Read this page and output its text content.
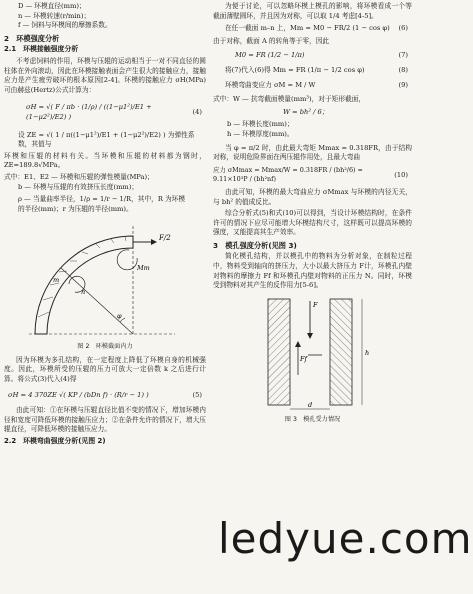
D — 环模直径(mm)；
n — 环模转速(r/min)；
f — 饲料与环模间的摩擦系数。
2　环模强度分析
2.1　环模接触强度分析

不考虑饲料的作用，环模与压辊的运动相当于一对不同直径的圆柱体在外向滚动，因此在环模接触表面会产生很大的接触应力，接触应力是产生疲劳破坏的根本原因[2-4]。环模的接触应力 σH(MPa)可由赫兹(Hertz)公式计算为：

σH = √( F / πb · (1/ρ) / ((1−μ1²)/E1 + (1−μ2²)/E2) )
(4)
设 ZE = √( 1 / π((1−μ1²)/E1 + (1−μ2²)/E2) ) 为弹性系数，其值与

环模和压辊的材料有关。当环模和压辊的材料都为钢时，ZE=189.8√MPa。

式中：E1、E2 — 环模和压辊的弹性模量(MPa)；
b — 环模与压辊的有效挤压长度(mm)；
ρ — 当量曲率半径，1/ρ = 1/r − 1/R，其中，R 为环模
的半径(mm)；r 为压辊的半径(mm)。
F/2
Mm
m
n
φ
图 2　环模截面内力

因为环模为多孔结构，在一定程度上降低了环模自身的机械强度。因此，环模所受的压辊的压力可放大一定倍数 k 之后进行计算。将公式(3)代入(4)得

σH = 4 370ZE √( KP / (bDn f) · (R/r − 1) )	(5)

由此可知：①在环模与压辊直径比值不变的情况下，增加环模内径和宽度可降低环模的接触压应力；②在条件允许的情况下，增大压辊直径，可降低环模的接触压应力。

2.2　环模弯曲强度分析(见图 2)

为便于讨论，可以忽略环模上模孔的影响，将环模看成一个等截面薄壁圆环，并且因为对称，可以取 1/4 考虑[4-5]。

在任一截面 m–n 上，Mm = M0 − FR/2 (1 − cos φ) (6)
由于对称，截面 A 的转角等于零，因此
M0 = FR (1/2 − 1/π)	(7)
将(7)代入(6)得 Mm = FR (1/π − 1/2 cos φ)	(8)
环模弯曲变应力 σM = M / W	(9)
式中：W — 抗弯截面模量(mm³)，对于矩形截面，
W = bh² / 6；
b — 环模长度(mm)；
h — 环模厚度(mm)。

当 φ = π/2 时，由此最大弯矩 Mmax = 0.318FR，由于结构对称，说明危险界面在两压辊作用处，且最大弯曲

应力 σMmax = Mmax/W = 0.318FR / (bh²/6) = 9.11×10³P / (bh²nf)
(10)

由此可知，环模的最大弯曲应力 σMmax 与环模的内径无关，与 bh² 的值成反比。

综合分析式(5)和式(10)可以得到，当设计环模结构时，在条件许可的情况下应尽可能增大环模结构尺寸，这样既可以提高环模的强度，又能提高其生产效率。

3　模孔强度分析(见图 3)

简化模孔结构，并以模孔中的物料为分析对象，在制粒过程中，物料受到轴向的挤压力，大小以最大挤压力 F计，环模孔内壁对物料的摩擦力 Ff 和环模孔内壁对物料的正压力 N。同时，环模受到物料对其产生的反作用力[5-6]。

F
Ff
h
d
图 3　模孔受力情况
ledyue.com
